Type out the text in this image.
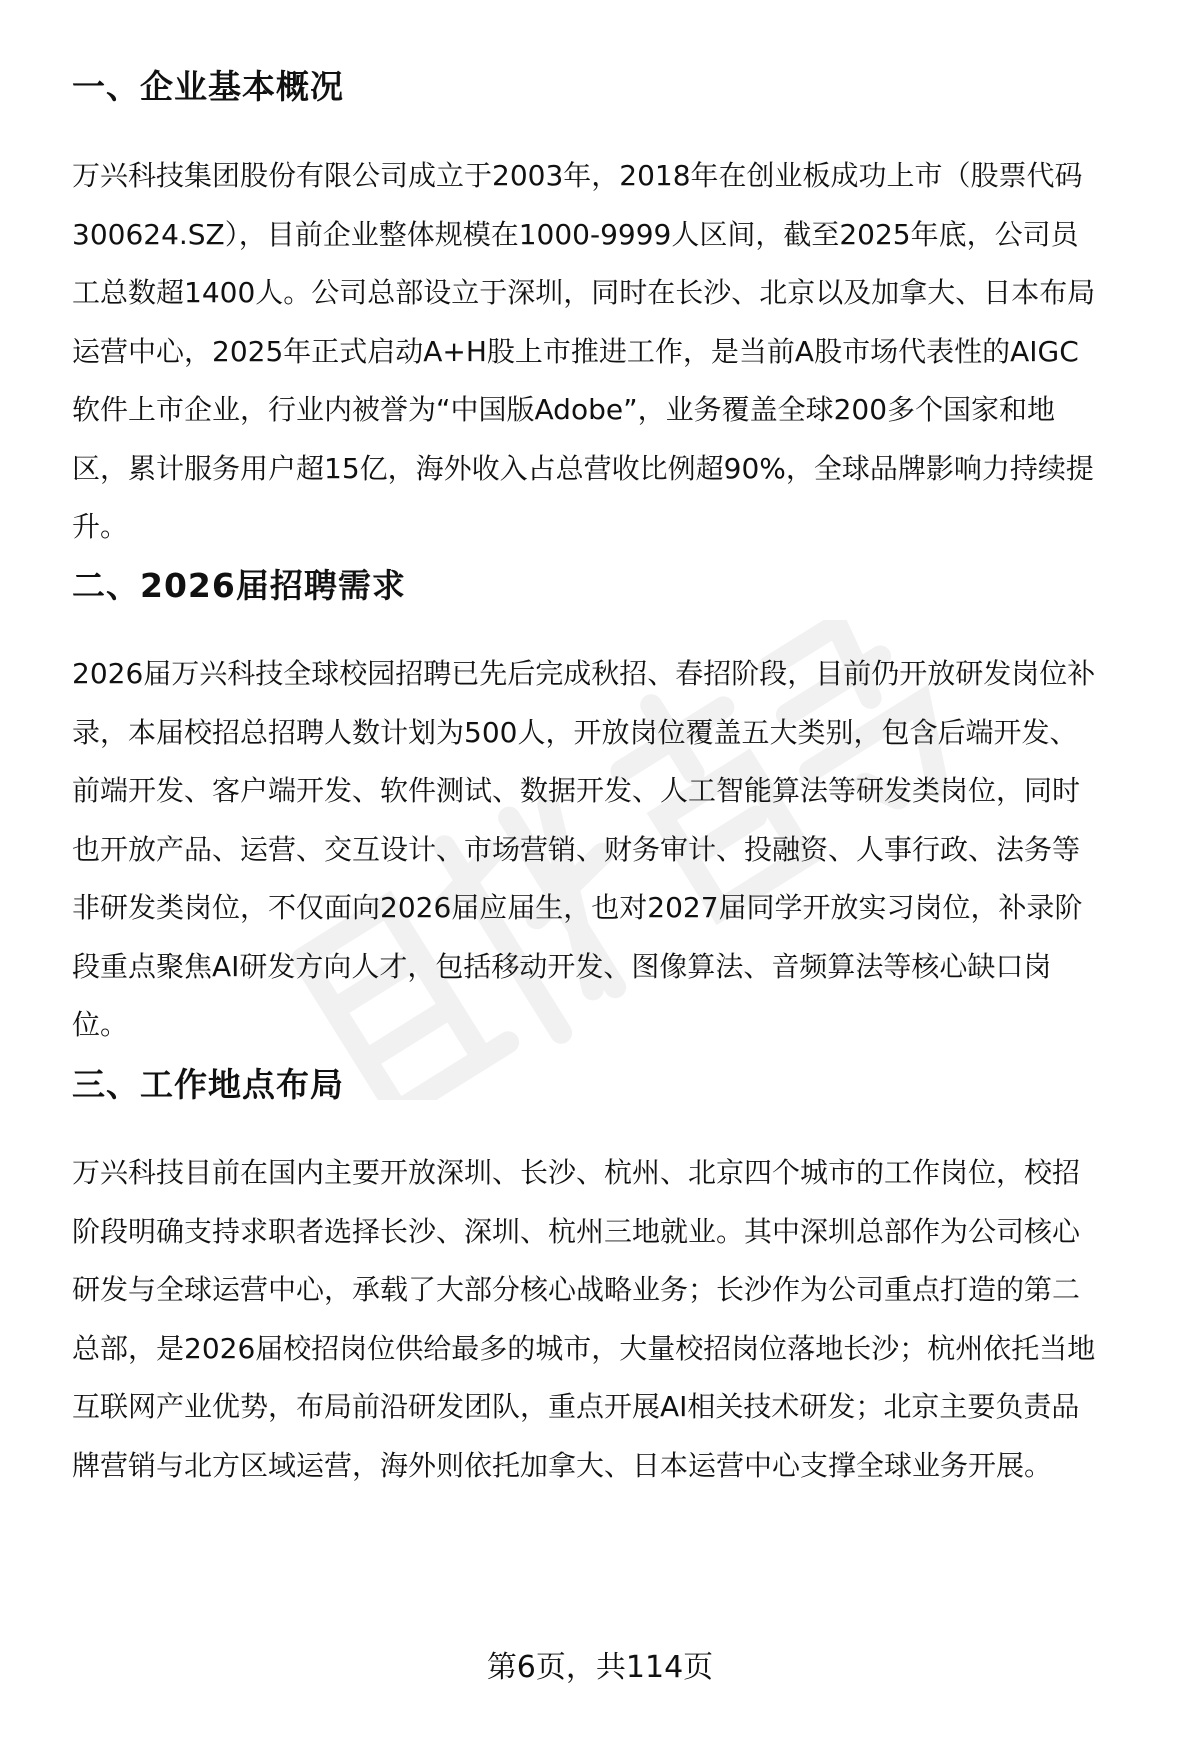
一、企业基本概况
万兴科技集团股份有限公司成立于2003年，2018年在创业板成功上市（股票代码
300624.SZ），目前企业整体规模在1000-9999人区间，截至2025年底，公司员
工总数超1400人。公司总部设立于深圳，同时在长沙、北京以及加拿大、日本布局
运营中心，2025年正式启动A+H股上市推进工作，是当前A股市场代表性的AIGC
软件上市企业，行业内被誉为“中国版Adobe”，业务覆盖全球200多个国家和地
区，累计服务用户超15亿，海外收入占总营收比例超90%，全球品牌影响力持续提
升。
二、2026届招聘需求
2026届万兴科技全球校园招聘已先后完成秋招、春招阶段，目前仍开放研发岗位补
录，本届校招总招聘人数计划为500人，开放岗位覆盖五大类别，包含后端开发、
前端开发、客户端开发、软件测试、数据开发、人工智能算法等研发类岗位，同时
也开放产品、运营、交互设计、市场营销、财务审计、投融资、人事行政、法务等
非研发类岗位，不仅面向2026届应届生，也对2027届同学开放实习岗位，补录阶
段重点聚焦AI研发方向人才，包括移动开发、图像算法、音频算法等核心缺口岗
位。
三、工作地点布局
万兴科技目前在国内主要开放深圳、长沙、杭州、北京四个城市的工作岗位，校招
阶段明确支持求职者选择长沙、深圳、杭州三地就业。其中深圳总部作为公司核心
研发与全球运营中心，承载了大部分核心战略业务；长沙作为公司重点打造的第二
总部，是2026届校招岗位供给最多的城市，大量校招岗位落地长沙；杭州依托当地
互联网产业优势，布局前沿研发团队，重点开展AI相关技术研发；北京主要负责品
牌营销与北方区域运营，海外则依托加拿大、日本运营中心支撑全球业务开展。
第6页，共114页
